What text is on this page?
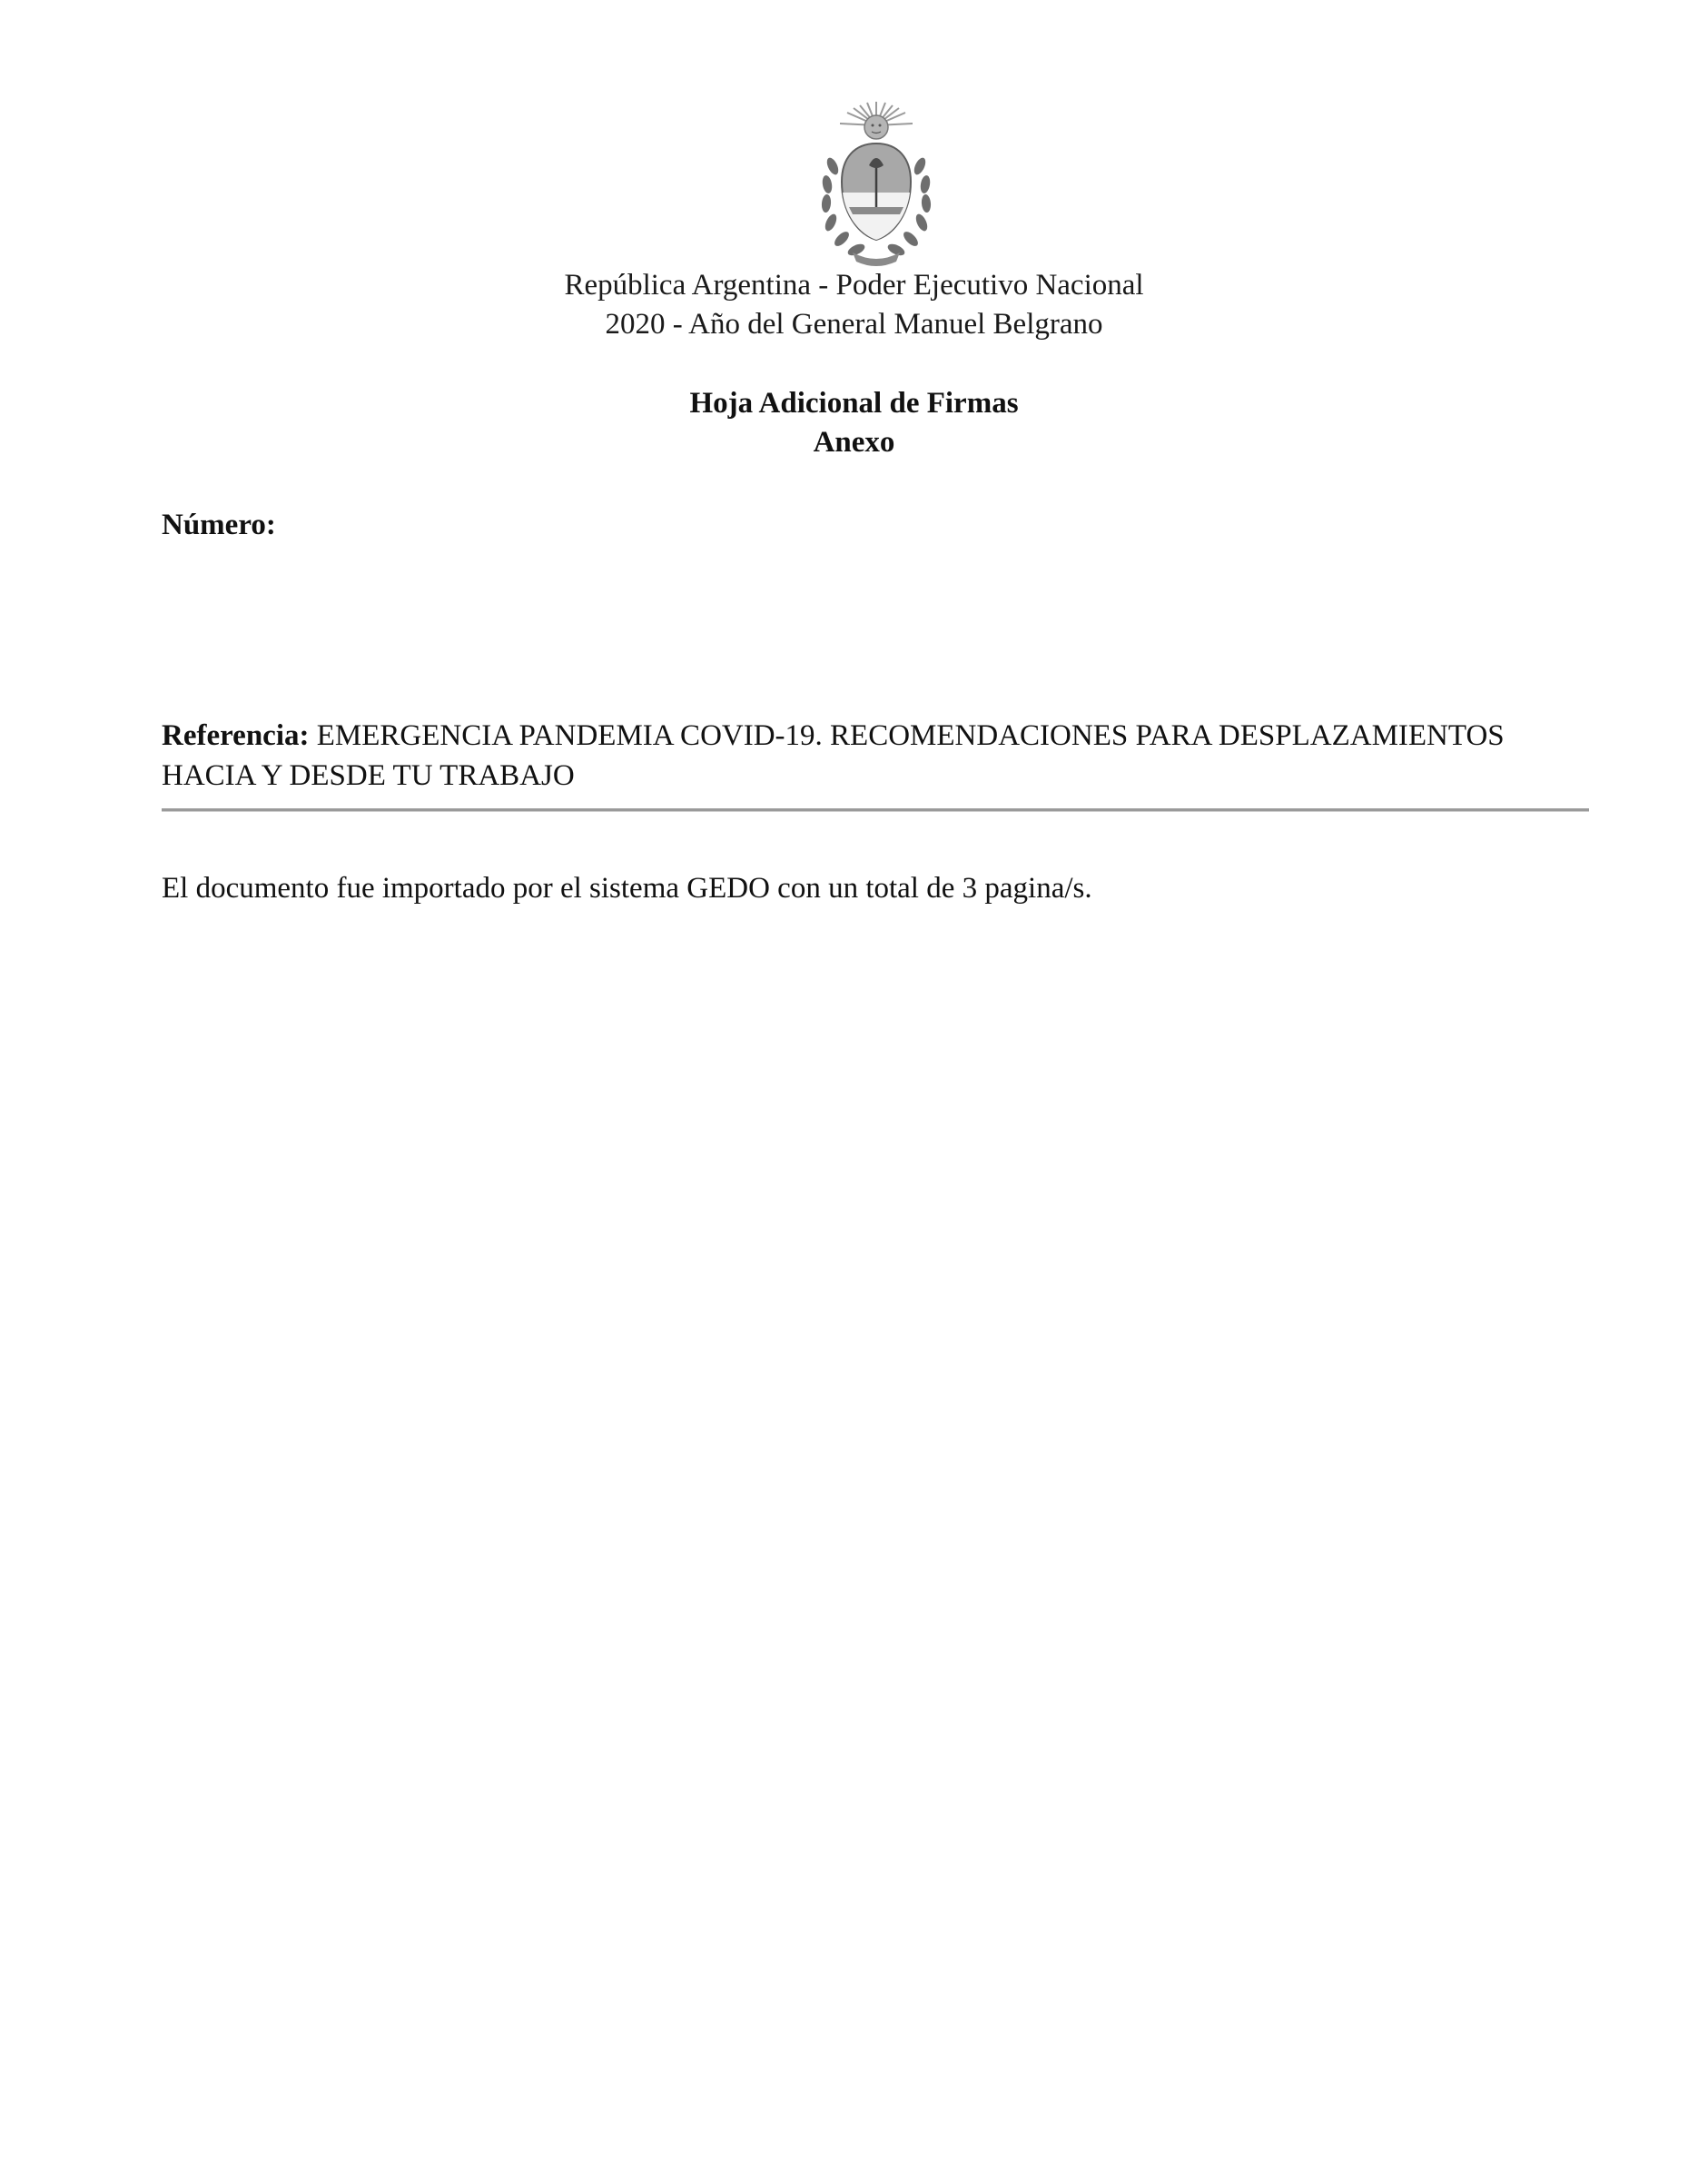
República Argentina - Poder Ejecutivo Nacional
2020 - Año del General Manuel Belgrano
Hoja Adicional de Firmas
Anexo
Número:
Referencia: EMERGENCIA PANDEMIA COVID-19. RECOMENDACIONES PARA DESPLAZAMIENTOS HACIA Y DESDE TU TRABAJO
El documento fue importado por el sistema GEDO con un total de 3 pagina/s.
